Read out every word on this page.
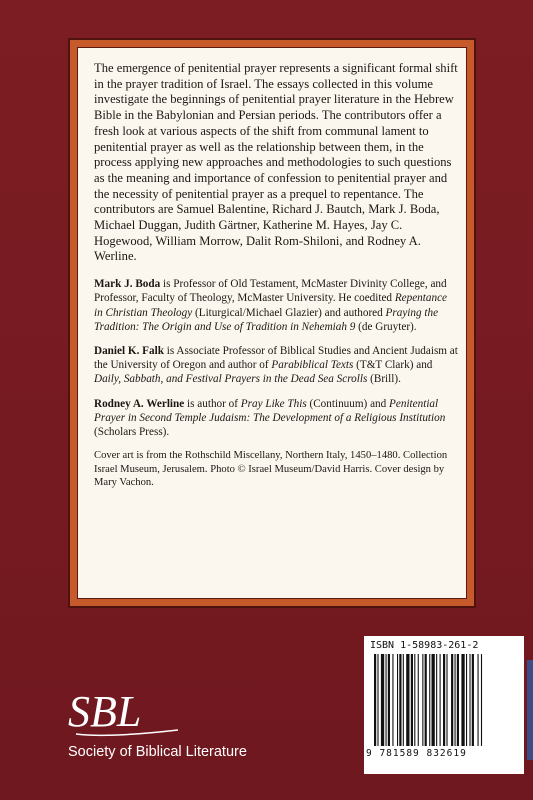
The emergence of penitential prayer represents a significant formal shift in the prayer tradition of Israel. The essays collected in this volume investigate the beginnings of penitential prayer literature in the Hebrew Bible in the Babylonian and Persian periods. The contributors offer a fresh look at various aspects of the shift from communal lament to penitential prayer as well as the relationship between them, in the process applying new approaches and methodologies to such questions as the meaning and importance of confession to penitential prayer and the necessity of penitential prayer as a prequel to repentance. The contributors are Samuel Balentine, Richard J. Bautch, Mark J. Boda, Michael Duggan, Judith Gärtner, Katherine M. Hayes, Jay C. Hogewood, William Morrow, Dalit Rom-Shiloni, and Rodney A. Werline.

Mark J. Boda is Professor of Old Testament, McMaster Divinity College, and Professor, Faculty of Theology, McMaster University. He coedited Repentance in Christian Theology (Liturgical/Michael Glazier) and authored Praying the Tradition: The Origin and Use of Tradition in Nehemiah 9 (de Gruyter).

Daniel K. Falk is Associate Professor of Biblical Studies and Ancient Judaism at the University of Oregon and author of Parabiblical Texts (T&T Clark) and Daily, Sabbath, and Festival Prayers in the Dead Sea Scrolls (Brill).

Rodney A. Werline is author of Pray Like This (Continuum) and Penitential Prayer in Second Temple Judaism: The Development of a Religious Institution (Scholars Press).

Cover art is from the Rothschild Miscellany, Northern Italy, 1450–1480. Collection Israel Museum, Jerusalem. Photo © Israel Museum/David Harris. Cover design by Mary Vachon.

SBL
Society of Biblical Literature
ISBN 1-58983-261-2
9 781589 832619
